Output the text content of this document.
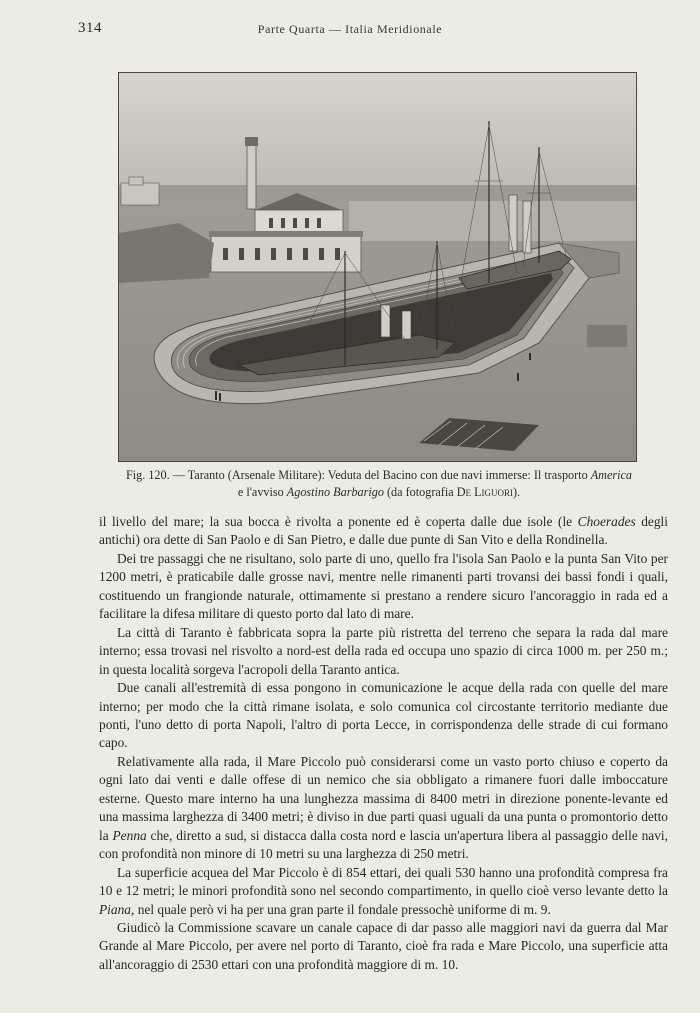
314	Parte Quarta — Italia Meridionale
Fig. 120. — Taranto (Arsenale Militare): Veduta del Bacino con due navi immerse: Il trasporto America
e l'avviso Agostino Barbarigo (da fotografia De Liguori).

il livello del mare; la sua bocca è rivolta a ponente ed è coperta dalle due isole (le Choerades degli antichi) ora dette di San Paolo e di San Pietro, e dalle due punte di San Vito e della Rondinella.

Dei tre passaggi che ne risultano, solo parte di uno, quello fra l'isola San Paolo e la punta San Vito per 1200 metri, è praticabile dalle grosse navi, mentre nelle rimanenti parti trovansi dei bassi fondi i quali, costituendo un frangionde naturale, ottimamente si prestano a rendere sicuro l'ancoraggio in rada ed a facilitare la difesa militare di questo porto dal lato di mare.

La città di Taranto è fabbricata sopra la parte più ristretta del terreno che separa la rada dal mare interno; essa trovasi nel risvolto a nord-est della rada ed occupa uno spazio di circa 1000 m. per 250 m.; in questa località sorgeva l'acropoli della Taranto antica.

Due canali all'estremità di essa pongono in comunicazione le acque della rada con quelle del mare interno; per modo che la città rimane isolata, e solo comunica col circostante territorio mediante due ponti, l'uno detto di porta Napoli, l'altro di porta Lecce, in corrispondenza delle strade di cui formano capo.

Relativamente alla rada, il Mare Piccolo può considerarsi come un vasto porto chiuso e coperto da ogni lato dai venti e dalle offese di un nemico che sia obbligato a rimanere fuori dalle imboccature esterne. Questo mare interno ha una lunghezza massima di 8400 metri in direzione ponente-levante ed una massima larghezza di 3400 metri; è diviso in due parti quasi uguali da una punta o promontorio detto la Penna che, diretto a sud, si distacca dalla costa nord e lascia un'apertura libera al passaggio delle navi, con profondità non minore di 10 metri su una larghezza di 250 metri.

La superficie acquea del Mar Piccolo è di 854 ettari, dei quali 530 hanno una profondità compresa fra 10 e 12 metri; le minori profondità sono nel secondo compartimento, in quello cioè verso levante detto la Piana, nel quale però vi ha per una gran parte il fondale pressochè uniforme di m. 9.

Giudicò la Commissione scavare un canale capace di dar passo alle maggiori navi da guerra dal Mar Grande al Mare Piccolo, per avere nel porto di Taranto, cioè fra rada e Mare Piccolo, una superficie atta all'ancoraggio di 2530 ettari con una profondità maggiore di m. 10.
